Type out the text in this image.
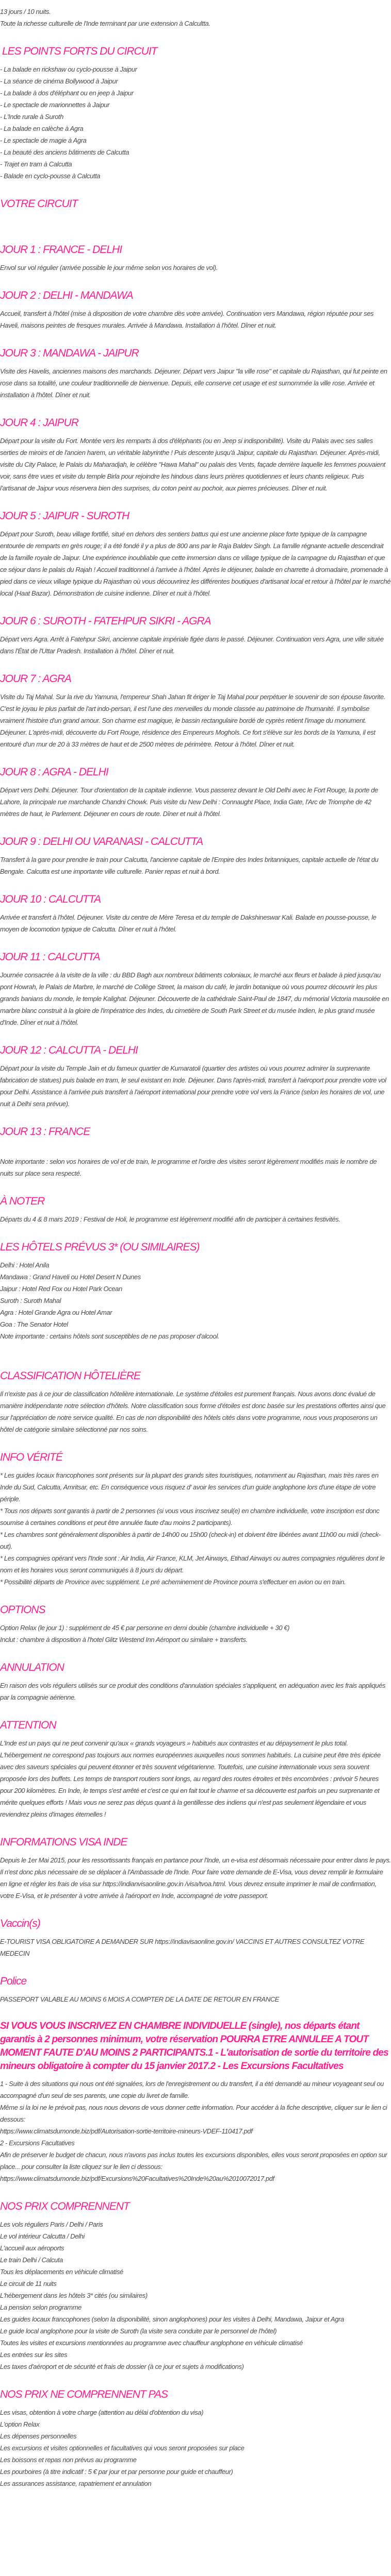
13 jours / 10 nuits.
Toute la richesse culturelle de l'Inde terminant par une extension à Calcultta.
LES POINTS FORTS DU CIRCUIT
- La balade en rickshaw ou cyclo-pousse à Jaipur
- La séance de cinéma Bollywood à Jaipur
- La balade à dos d'éléphant ou en jeep à Jaipur
- Le spectacle de marionnettes à Jaipur
- L'Inde rurale à Suroth
- La balade en calèche à Agra
- Le spectacle de magie à Agra
- La beauté des anciens bâtiments de Calcutta
- Trajet en tram à Calcutta
- Balade en cyclo-pousse à Calcutta
VOTRE CIRCUIT
JOUR 1 : FRANCE - DELHI
Envol sur vol régulier (arrivée possible le jour même selon vos horaires de vol).
JOUR 2 : DELHI - MANDAWA
Accueil, transfert à l'hôtel (mise à disposition de votre chambre dès votre arrivée). Continuation vers Mandawa, région réputée pour ses Haveli, maisons peintes de fresques murales. Arrivée à Mandawa. Installation à l'hôtel. Dîner et nuit.
JOUR 3 : MANDAWA - JAIPUR
Visite des Havelis, anciennes maisons des marchands. Déjeuner. Départ vers Jaipur "la ville rose" et capitale du Rajasthan, qui fut peinte en rose dans sa totalité, une couleur traditionnelle de bienvenue. Depuis, elle conserve cet usage et est surnommée la ville rose. Arrivée et installation à l'hôtel. Dîner et nuit.
JOUR 4 : JAIPUR
Départ pour la visite du Fort. Montée vers les remparts à dos d'éléphants (ou en Jeep si indisponibilité). Visite du Palais avec ses salles serties de miroirs et de l'ancien harem, un véritable labyrinthe ! Puis descente jusqu'à Jaipur, capitale du Rajasthan. Déjeuner. Après-midi, visite du City Palace, le Palais du Maharadjah, le célèbre "Hawa Mahal" ou palais des Vents, façade derrière laquelle les femmes pouvaient voir, sans être vues et visite du temple Birla pour rejoindre les hindous dans leurs prières quotidiennes et leurs chants religieux. Puis l'artisanat de Jaipur vous réservera bien des surprises, du coton peint au pochoir, aux pierres précieuses. Dîner et nuit.
JOUR 5 : JAIPUR - SUROTH
Départ pour Suroth, beau village fortifié, situé en dehors des sentiers battus qui est une ancienne place forte typique de la campagne entourée de remparts en grès rouge; il a été fondé il y a plus de 800 ans par le Raja Baldev Singh. La famille régnante actuelle descendrait de la famille royale de Jaipur. Une expérience inoubliable que cette immersion dans ce village typique de la campagne du Rajasthan et que ce séjour dans le palais du Rajah ! Accueil traditionnel à l'arrivée à l'hôtel. Après le déjeuner, balade en charrette à dromadaire, promenade à pied dans ce vieux village typique du Rajasthan où vous découvrirez les différentes boutiques d'artisanat local et retour à l'hôtel par le marché local (Haat Bazar). Démonstration de cuisine indienne. Dîner et nuit à l'hôtel.
JOUR 6 : SUROTH - FATEHPUR SIKRI - AGRA
Départ vers Agra. Arrêt à Fatehpur Sikri, ancienne capitale impériale figée dans le passé. Déjeuner. Continuation vers Agra, une ville située dans l'État de l'Uttar Pradesh. Installation à l'hôtel. Dîner et nuit.
JOUR 7 : AGRA
Visite du Taj Mahal. Sur la rive du Yamuna, l'empereur Shah Jahan fit ériger le Taj Mahal pour perpétuer le souvenir de son épouse favorite. C'est le joyau le plus parfait de l'art indo-persan, il est l'une des merveilles du monde classée au patrimoine de l'humanité. Il symbolise vraiment l'histoire d'un grand amour. Son charme est magique, le bassin rectangulaire bordé de cyprès retient l'image du monument. Déjeuner. L'après-midi, découverte du Fort Rouge, résidence des Empereurs Moghols. Ce fort s'élève sur les bords de la Yamuna, il est entouré d'un mur de 20 à 33 mètres de haut et de 2500 mètres de périmètre. Retour à l'hôtel. Dîner et nuit.
JOUR 8 : AGRA - DELHI
Départ vers Delhi. Déjeuner. Tour d'orientation de la capitale indienne. Vous passerez devant le Old Delhi avec le Fort Rouge, la porte de Lahore, la principale rue marchande Chandni Chowk. Puis visite du New Delhi : Connaught Place, India Gate, l'Arc de Triomphe de 42 mètres de haut, le Parlement. Déjeuner en cours de route. Dîner et nuit à l'hôtel.
JOUR 9 : DELHI OU VARANASI - CALCUTTA
Transfert à la gare pour prendre le train pour Calcutta, l'ancienne capitale de l'Empire des Indes britanniques, capitale actuelle de l'état du Bengale. Calcutta est une importante ville culturelle. Panier repas et nuit à bord.
JOUR 10 : CALCUTTA
Arrivée et transfert à l'hôtel. Déjeuner. Visite du centre de Mère Teresa et du temple de Dakshineswar Kali. Balade en pousse-pousse, le moyen de locomotion typique de Calcutta. Dîner et nuit à l'hôtel.
JOUR 11 : CALCUTTA
Journée consacrée à la visite de la ville : du BBD Bagh aux nombreux bâtiments coloniaux, le marché aux fleurs et balade à pied jusqu'au pont Howrah, le Palais de Marbre, le marché de Collège Street, la maison du café, le jardin botanique où vous pourrez découvrir les plus grands banians du monde, le temple Kalighat. Déjeuner. Découverte de la cathédrale Saint-Paul de 1847, du mémorial Victoria mausolée en marbre blanc construit à la gloire de l'impératrice des Indes, du cimetière de South Park Street et du musée Indien, le plus grand musée d'Inde. Dîner et nuit à l'hôtel.
JOUR 12 : CALCUTTA - DELHI
Départ pour la visite du Temple Jain et du fameux quartier de Kumaratoli (quartier des artistes où vous pourrez admirer la surprenante fabrication de statues) puis balade en tram, le seul existant en Inde. Déjeuner. Dans l'après-midi, transfert à l'aéroport pour prendre votre vol pour Delhi. Assistance à l'arrivée puis transfert à l'aéroport international pour prendre votre vol vers la France (selon les horaires de vol, une nuit à Delhi sera prévue).
JOUR 13 : FRANCE
Note importante : selon vos horaires de vol et de train, le programme et l'ordre des visites seront légèrement modifiés mais le nombre de nuits sur place sera respecté.
À NOTER
Départs du 4 & 8 mars 2019 : Festival de Holi, le programme est légèrement modifié afin de participer à certaines festivités.
LES HÔTELS PRÉVUS 3* (OU SIMILAIRES)
Delhi : Hotel Anila
Mandawa : Grand Haveli ou Hotel Desert N Dunes
Jaipur : Hotel Red Fox ou Hotel Park Ocean
Suroth : Suroth Mahal
Agra : Hotel Grande Agra ou Hotel Amar
Goa : The Senator Hotel
Note importante : certains hôtels sont susceptibles de ne pas proposer d'alcool.
CLASSIFICATION HÔTELIÈRE
Il n'existe pas à ce jour de classification hôtelière internationale. Le système d'étoiles est purement français. Nous avons donc évalué de manière indépendante notre sélection d'hôtels. Notre classification sous forme d'étoiles est donc basée sur les prestations offertes ainsi que sur l'appréciation de notre service qualité. En cas de non disponibilité des hôtels cités dans votre programme, nous vous proposerons un hôtel de catégorie similaire sélectionné par nos soins.
INFO VÉRITÉ
* Les guides locaux francophones sont présents sur la plupart des grands sites touristiques, notamment au Rajasthan, mais très rares en Inde du Sud, Calcutta, Amritsar, etc. En conséquence vous risquez d' avoir les services d'un guide anglophone lors d'une étape de votre périple.
* Tous nos départs sont garantis à partir de 2 personnes (si vous vous inscrivez seul(e) en chambre individuelle, votre inscription est donc soumise à certaines conditions et peut être annulée faute d'au moins 2 participants).
* Les chambres sont généralement disponibles à partir de 14h00 ou 15h00 (check-in) et doivent être libérées avant 11h00 ou midi (check-out).
* Les compagnies opérant vers l'Inde sont : Air India, Air France, KLM, Jet Airways, Etihad Airways ou autres compagnies régulières dont le nom et les horaires vous seront communiqués à 8 jours du départ.
* Possibilité départs de Province avec supplément. Le pré acheminement de Province pourra s'effectuer en avion ou en train.
OPTIONS
Option Relax (le jour 1) : supplément de 45 € par personne en demi double (chambre individuelle + 30 €)
Inclut : chambre à disposition à l'hotel Glitz Westend Inn Aéroport ou similaire + transferts.
ANNULATION
En raison des vols réguliers utilisés sur ce produit des conditions d'annulation spéciales s'appliquent, en adéquation avec les frais appliqués par la compagnie aérienne.
ATTENTION
L'Inde est un pays qui ne peut convenir qu'aux « grands voyageurs » habitués aux contrastes et au dépaysement le plus total. L'hébergement ne correspond pas toujours aux normes européennes auxquelles nous sommes habitués. La cuisine peut être très épicée avec des saveurs spéciales qui peuvent étonner et très souvent végétarienne. Toutefois, une cuisine internationale vous sera souvent proposée lors des buffets. Les temps de transport routiers sont longs, au regard des routes étroites et très encombrées : prévoir 5 heures pour 200 kilomètres. En Inde, le temps s'est arrêté et c'est ce qui en fait tout le charme et sa découverte est parfois un peu surprenante et mérite quelques efforts ! Mais vous ne serez pas déçus quant à la gentillesse des indiens qui n'est pas seulement légendaire et vous reviendrez pleins d'images éternelles !
INFORMATIONS VISA INDE
Depuis le 1er Mai 2015, pour les ressortissants français en partance pour l'Inde, un e-visa est désormais nécessaire pour entrer dans le pays. Il n'est donc plus nécessaire de se déplacer à l'Ambassade de l'Inde. Pour faire votre demande de E-Visa, vous devez remplir le formulaire en ligne et régler les frais de visa sur https://indianvisaonline.gov.in /visa/tvoa.html. Vous devrez ensuite imprimer le mail de confirmation, votre E-Visa, et le présenter à votre arrivée à l'aéroport en Inde, accompagné de votre passeport.
Vaccin(s)
E-TOURIST VISA OBLIGATOIRE A DEMANDER SUR https://indiavisaonline.gov.in/ VACCINS ET AUTRES CONSULTEZ VOTRE MEDECIN
Police
PASSEPORT VALABLE AU MOINS 6 MOIS A COMPTER DE LA DATE DE RETOUR EN FRANCE
SI VOUS VOUS INSCRIVEZ EN CHAMBRE INDIVIDUELLE (single), nos départs étant garantis à 2 personnes minimum, votre réservation POURRA ETRE ANNULEE A TOUT MOMENT FAUTE D'AU MOINS 2 PARTICIPANTS.1 - L'autorisation de sortie du territoire des mineurs obligatoire à compter du 15 janvier 2017.2 - Les Excursions Facultatives
1 - Suite à des situations qui nous ont été signalées, lors de l'enregistrement ou du transfert, il a été demandé au mineur voyageant seul ou accompagné d'un seul de ses parents, une copie du livret de famille.
Même si la loi ne le prévoit pas, nous nous devons de vous donner cette information. Pour accéder à la fiche descriptive, cliquer sur le lien ci dessous:
https://www.climatsdumonde.biz/pdf/Autorisation-sortie-territoire-mineurs-VDEF-110417.pdf
2 - Excursions Facultatives
Afin de préserver le budget de chacun, nous n'avons pas inclus toutes les excursions disponibles, elles vous seront proposées en option sur place... pour consulter la liste cliquez sur le lien ci dessous:
https://www.climatsdumonde.biz/pdf/Excursions%20Facultatives%20Inde%20au%2010072017.pdf
NOS PRIX COMPRENNENT
Les vols réguliers Paris / Delhi / Paris
Le vol intérieur Calcutta / Delhi
L'accueil aux aéroports
Le train Delhi / Calcuta
Tous les déplacements en véhicule climatisé
Le circuit de 11 nuits
L'hébergement dans les hôtels 3* cités (ou similaires)
La pension selon programme
Les guides locaux francophones (selon la disponibilité, sinon anglophones) pour les visites à Delhi, Mandawa, Jaipur et Agra
Le guide local anglophone pour la visite de Suroth (la visite sera conduite par le personnel de l'hôtel)
Toutes les visites et excursions mentionnées au programme avec chauffeur anglophone en véhicule climatisé
Les entrées sur les sites
Les taxes d'aéroport et de sécurité et frais de dossier (à ce jour et sujets à modifications)
NOS PRIX NE COMPRENNENT PAS
Les visas, obtention à votre charge (attention au délai d'obtention du visa)
L'option Relax
Les dépenses personnelles
Les excursions et visites optionnelles et facultatives qui vous seront proposées sur place
Les boissons et repas non prévus au programme
Les pourboires (à titre indicatif : 5 € par jour et par personne pour guide et chauffeur)
Les assurances assistance, rapatriement et annulation
